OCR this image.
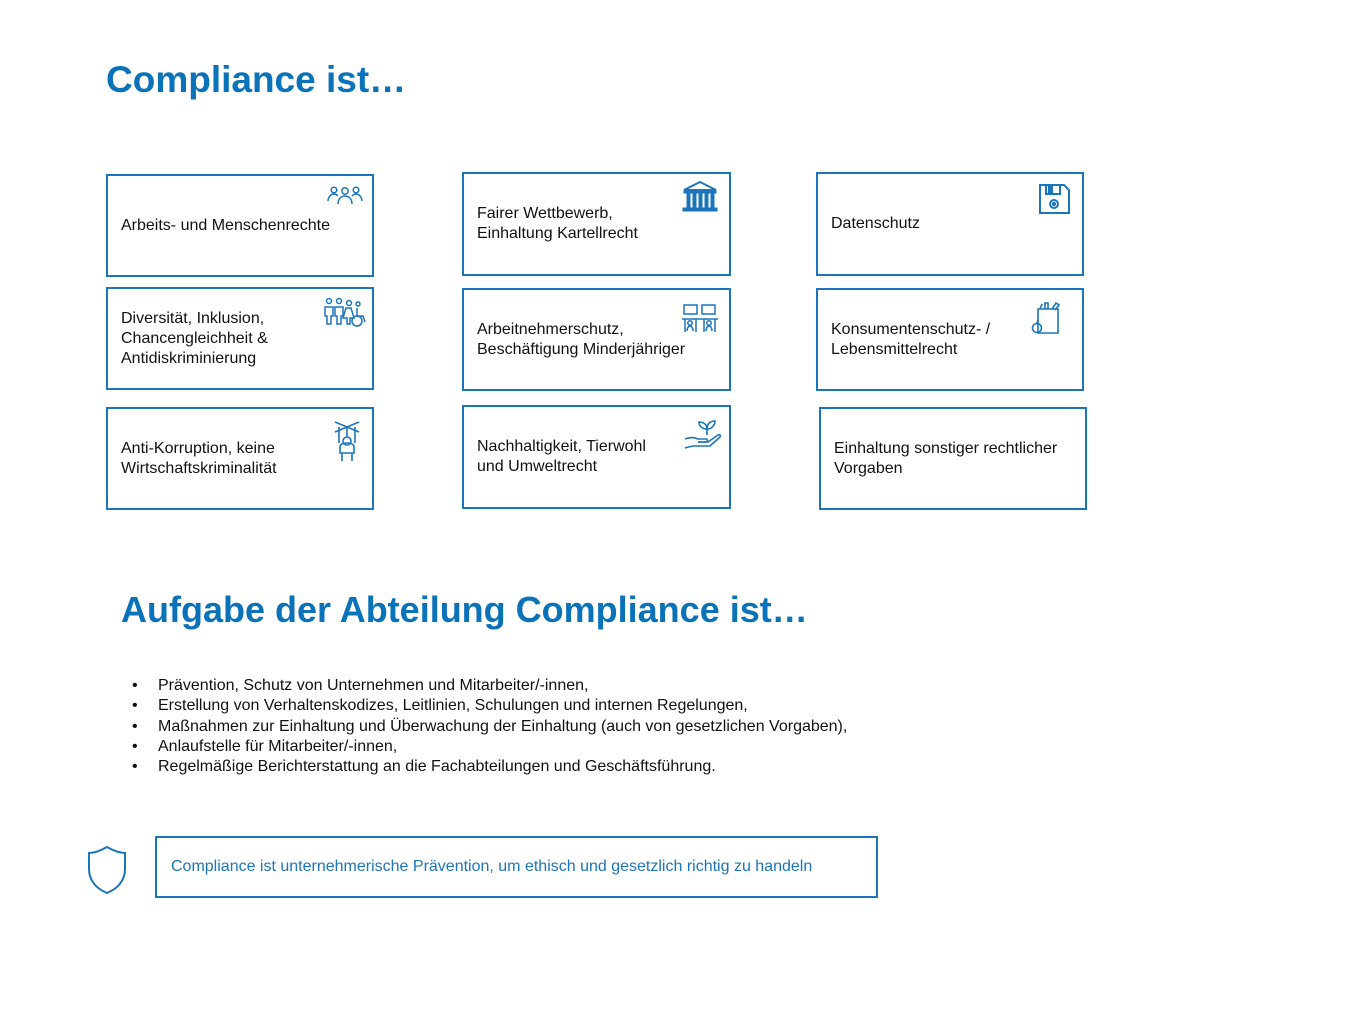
Compliance ist…
Arbeits- und Menschenrechte
Fairer Wettbewerb,
Einhaltung Kartellrecht
Datenschutz
Diversität, Inklusion,
Chancengleichheit &
Antidiskriminierung
Arbeitnehmerschutz,
Beschäftigung Minderjähriger
Konsumentenschutz- /
Lebensmittelrecht
Anti-Korruption, keine
Wirtschaftskriminalität
Nachhaltigkeit, Tierwohl
und Umweltrecht
Einhaltung sonstiger rechtlicher
Vorgaben
Aufgabe der Abteilung Compliance ist…
• Prävention, Schutz von Unternehmen und Mitarbeiter/-innen,
• Erstellung von Verhaltenskodizes, Leitlinien, Schulungen und internen Regelungen,
• Maßnahmen zur Einhaltung und Überwachung der Einhaltung (auch von gesetzlichen Vorgaben),
• Anlaufstelle für Mitarbeiter/-innen,
• Regelmäßige Berichterstattung an die Fachabteilungen und Geschäftsführung.
Compliance ist unternehmerische Prävention, um ethisch und gesetzlich richtig zu handeln
